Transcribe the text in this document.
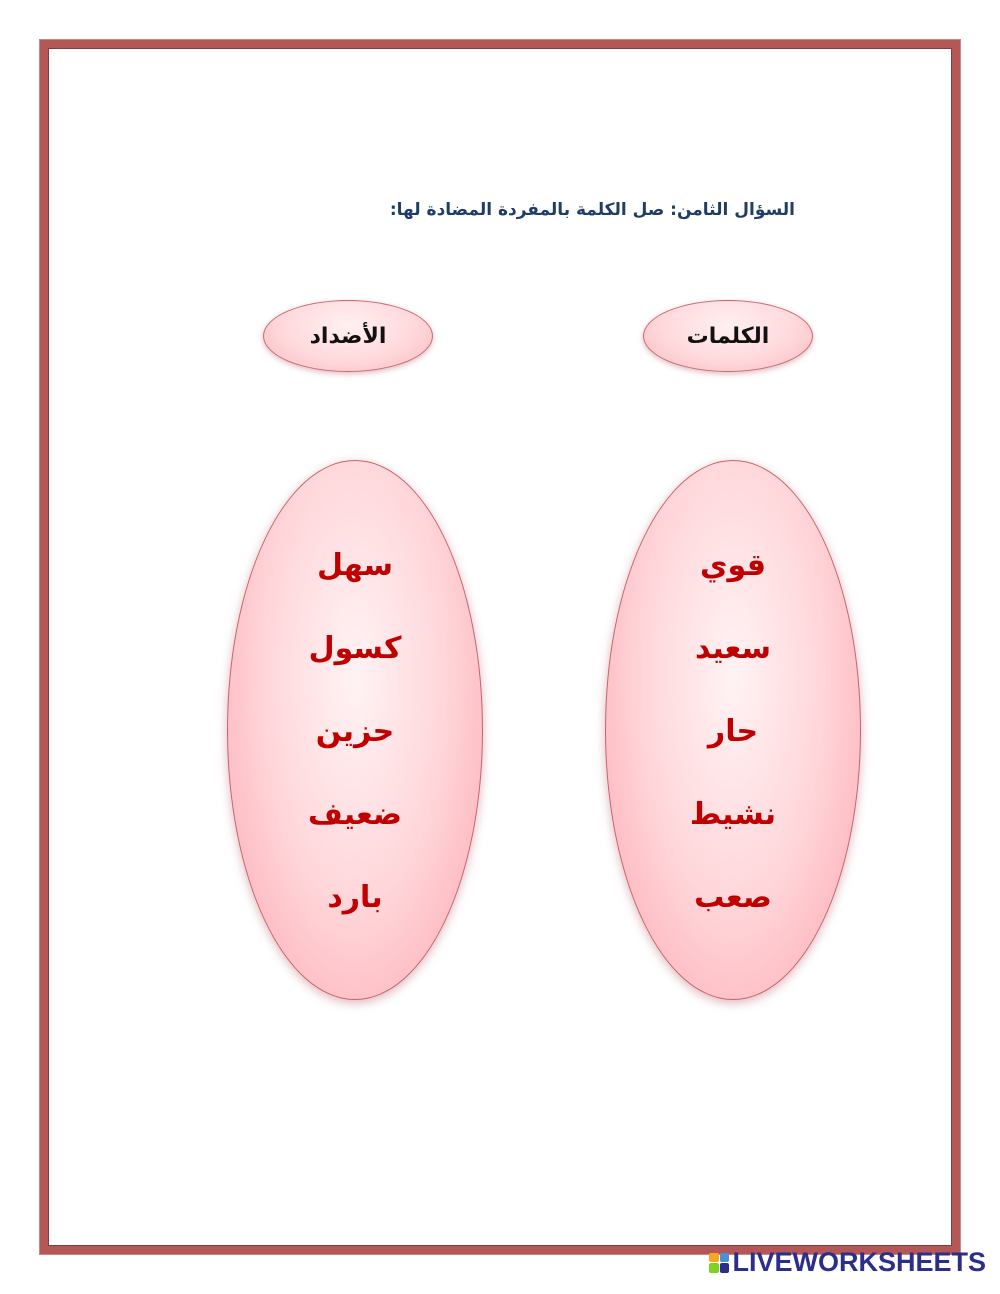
السؤال الثامن: صل الكلمة بالمفردة المضادة لها:
الكلمات
الأضداد
قوي
سعيد
حار
نشيط
صعب
سهل
كسول
حزين
ضعيف
بارد
LIVEWORKSHEETS
